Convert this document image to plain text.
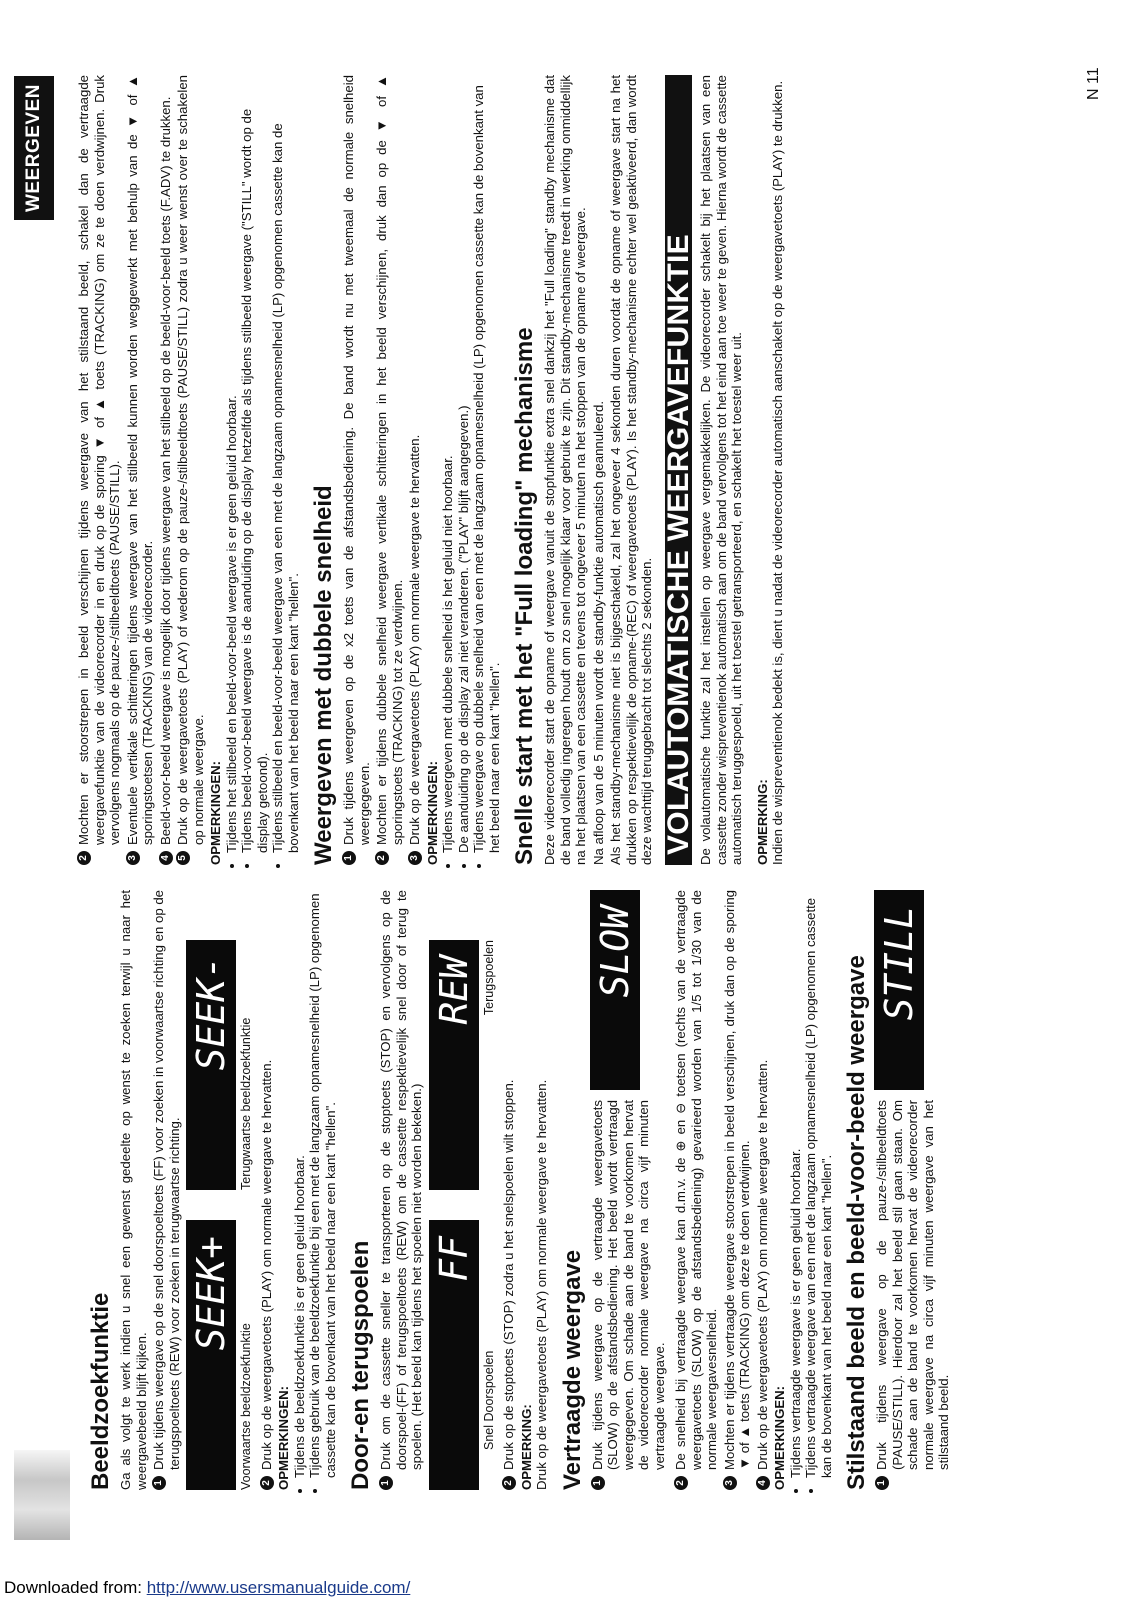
WEERGEVEN
Beeldzoekfunktie Ga als volgt te werk indien u snel een gewenst gedeelte op wenst te zoeken terwijl u naar het weergavebeeld blijft kijken. 1
Druk tijdens weergave op de snel doorspoeltoets (FF) voor zoeken in voorwaartse richting en op de terugspoeltoets (REW) voor zoeken in terugwaartse richting. SEEK+
Voorwaartse beeldzoekfunktie
SEEK-
Terugwaartse beeldzoekfunktie
2
Druk op de weergavetoets (PLAY) om normale weergave te hervatten. OPMERKINGEN: • Tijdens de beeldzoekfunktie is er geen geluid hoorbaar. • Tijdens gebruik van de beeldzoekfunktie bij een met de langzaam opnamesnelheid (LP) opgenomen cassette kan de bovenkant van het beeld naar een kant "hellen". Door-en terugspoelen 1
Druk om de cassette sneller te transporteren op de stoptoets (STOP) en vervolgens op de doorspoel-(FF) of terugspoeltoets (REW) om de cassette respektievelijk snel door of terug te spoelen. (Het beeld kan tijdens het spoelen niet worden bekeken.) FF
Snel Doorspoelen
REW Terugspoelen
2
Druk op de stoptoets (STOP) zodra u het snelspoelen wilt stoppen. OPMERKING: Druk op de weergavetoets (PLAY) om normale weergave te hervatten. Vertraagde weergave 1
Druk tijdens weergave op de vertraagde weergavetoets (SLOW) op de afstandsbediening. Het beeld wordt vertraagd weergegeven. Om schade aan de band te voorkomen hervat de videorecorder normale weergave na circa vijf minuten vertraagde weergave.
SLOW
2
De snelheid bij vertraagde weergave kan d.m.v. de ⊕ en ⊖ toetsen (rechts van de vertraagde weergavetoets (SLOW) op de afstandsbediening) gevarieerd worden van 1/5 tot 1/30 van de normale weergavesnelheid.
3
Mochten er tijdens vertraagde weergave stoorstrepen in beeld verschijnen, druk dan op de sporing ▼ of ▲ toets (TRACKING) om deze te doen verdwijnen.
4
Druk op de weergavetoets (PLAY) om normale weergave te hervatten. OPMERKINGEN: • Tijdens vertraagde weergave is er geen geluid hoorbaar. • Tijdens vertraagde weergave van een met de langzaam opnamesnelheid (LP) opgenomen cassette kan de bovenkant van het beeld naar een kant "hellen". Stilstaand beeld en beeld-voor-beeld weergave 1
Druk tijdens weergave op de pauze-/stilbeeldtoets (PAUSE/STILL). Hierdoor zal het beeld stil gaan staan. Om schade aan de band te voorkomen hervat de videorecorder normale weergave na circa vijf minuten weergave van het stilstaand beeld.
STILL
2
Mochten er stoorstrepen in beeld verschijnen tijdens weergave van het stilstaand beeld, schakel dan de vertraagde weergavefunktie van de videorecorder in en druk op de sporing ▼ of ▲ toets (TRACKING) om ze te doen verdwijnen. Druk vervolgens nogmaals op de pauze-/stilbeeldtoets (PAUSE/STILL).
3
Eventuele vertikale schitteringen tijdens weergave van het stilbeeld kunnen worden weggewerkt met behulp van de ▼ of ▲ sporingstoetsen (TRACKING) van de videorecorder.
4
Beeld-voor-beeld weergave is mogelijk door tijdens weergave van het stilbeeld op de beeld-voor-beeld toets (F.ADV) te drukken.
5
Druk op de weergavetoets (PLAY) of wederom op de pauze-/stilbeeldtoets (PAUSE/STILL) zodra u weer wenst over te schakelen op normale weergave. OPMERKINGEN: • Tijdens het stilbeeld en beeld-voor-beeld weergave is er geen geluid hoorbaar. • Tijdens beeld-voor-beeld weergave is de aanduiding op de display hetzelfde als tijdens stilbeeld weergave ("STILL" wordt op de display getoond). • Tijdens stilbeeld en beeld-voor-beeld weergave van een met de langzaam opnamesnelheid (LP) opgenomen cassette kan de bovenkant van het beeld naar een kant "hellen". Weergeven met dubbele snelheid 1
Druk tijdens weergeven op de x2 toets van de afstandsbediening. De band wordt nu met tweemaal de normale snelheid weergegeven.
2
Mochten er tijdens dubbele snelheid weergave vertikale schitteringen in het beeld verschijnen, druk dan op de ▼ of ▲ sporingstoets (TRACKING) tot ze verdwijnen.
3
Druk op de weergavetoets (PLAY) om normale weergave te hervatten. OPMERKINGEN: • Tijdens weergeven met dubbele snelheid is het geluid niet hoorbaar. • De aanduiding op de display zal niet veranderen. ("PLAY" blijft aangegeven.) • Tijdens weergave op dubbele snelheid van een met de langzaam opnamesnelheid (LP) opgenomen cassette kan de bovenkant van het beeld naar een kant "hellen". Snelle start met het "Full loading" mechanisme Deze videorecorder start de opname of weergave vanuit de stopfunktie extra snel dankzij het "Full loading" standby mechanisme dat de band volledig ingeregen houdt om zo snel mogelijk klaar voor gebruik te zijn. Dit standby-mechanisme treedt in werking onmiddellijk na het plaatsen van een cassette en tevens tot ongeveer 5 minuten na het stoppen van de opname of weergave. Na afloop van de 5 minuten wordt de standby-funktie automatisch geannuleerd. Als het standby-mechanisme niet is bijgeschakeld, zal het ongeveer 4 sekonden duren voordat de opname of weergave start na het drukken op respektievelijk de opname-(REC) of weergavetoets (PLAY). Is het standby-mechanisme echter wel geaktiveerd, dan wordt deze wachttijd teruggebracht tot slechts 2 sekonden. VOLAUTOMATISCHE WEERGAVEFUNKTIE De volautomatische funktie zal het instellen op weergave vergemakkelijken. De videorecorder schakelt bij het plaatsen van een cassette zonder wispreventienok automatisch aan om de band vervolgens tot het eind aan toe weer te geven. Hierna wordt de cassette automatisch teruggespoeld, uit het toestel getransporteerd, en schakelt het toestel weer uit. OPMERKING: Indien de wispreventienok bedekt is, dient u nadat de videorecorder automatisch aanschakelt op de weergavetoets (PLAY) te drukken.	N 11
Downloaded from: http://www.usersmanualguide.com/
